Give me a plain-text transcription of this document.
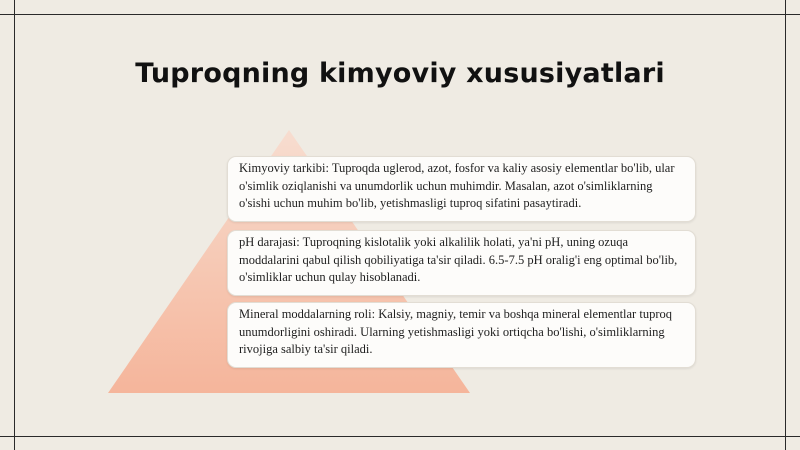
Tuproqning kimyoviy xususiyatlari
Kimyoviy tarkibi: Tuproqda uglerod, azot, fosfor va kaliy asosiy elementlar bo'lib, ular o'simlik oziqlanishi va unumdorlik uchun muhimdir. Masalan, azot o'simliklarning o'sishi uchun muhim bo'lib, yetishmasligi tuproq sifatini pasaytiradi.
pH darajasi: Tuproqning kislotalik yoki alkalilik holati, ya'ni pH, uning ozuqa moddalarini qabul qilish qobiliyatiga ta'sir qiladi. 6.5-7.5 pH oralig'i eng optimal bo'lib, o'simliklar uchun qulay hisoblanadi.
Mineral moddalarning roli: Kalsiy, magniy, temir va boshqa mineral elementlar tuproq unumdorligini oshiradi. Ularning yetishmasligi yoki ortiqcha bo'lishi, o'simliklarning rivojiga salbiy ta'sir qiladi.
